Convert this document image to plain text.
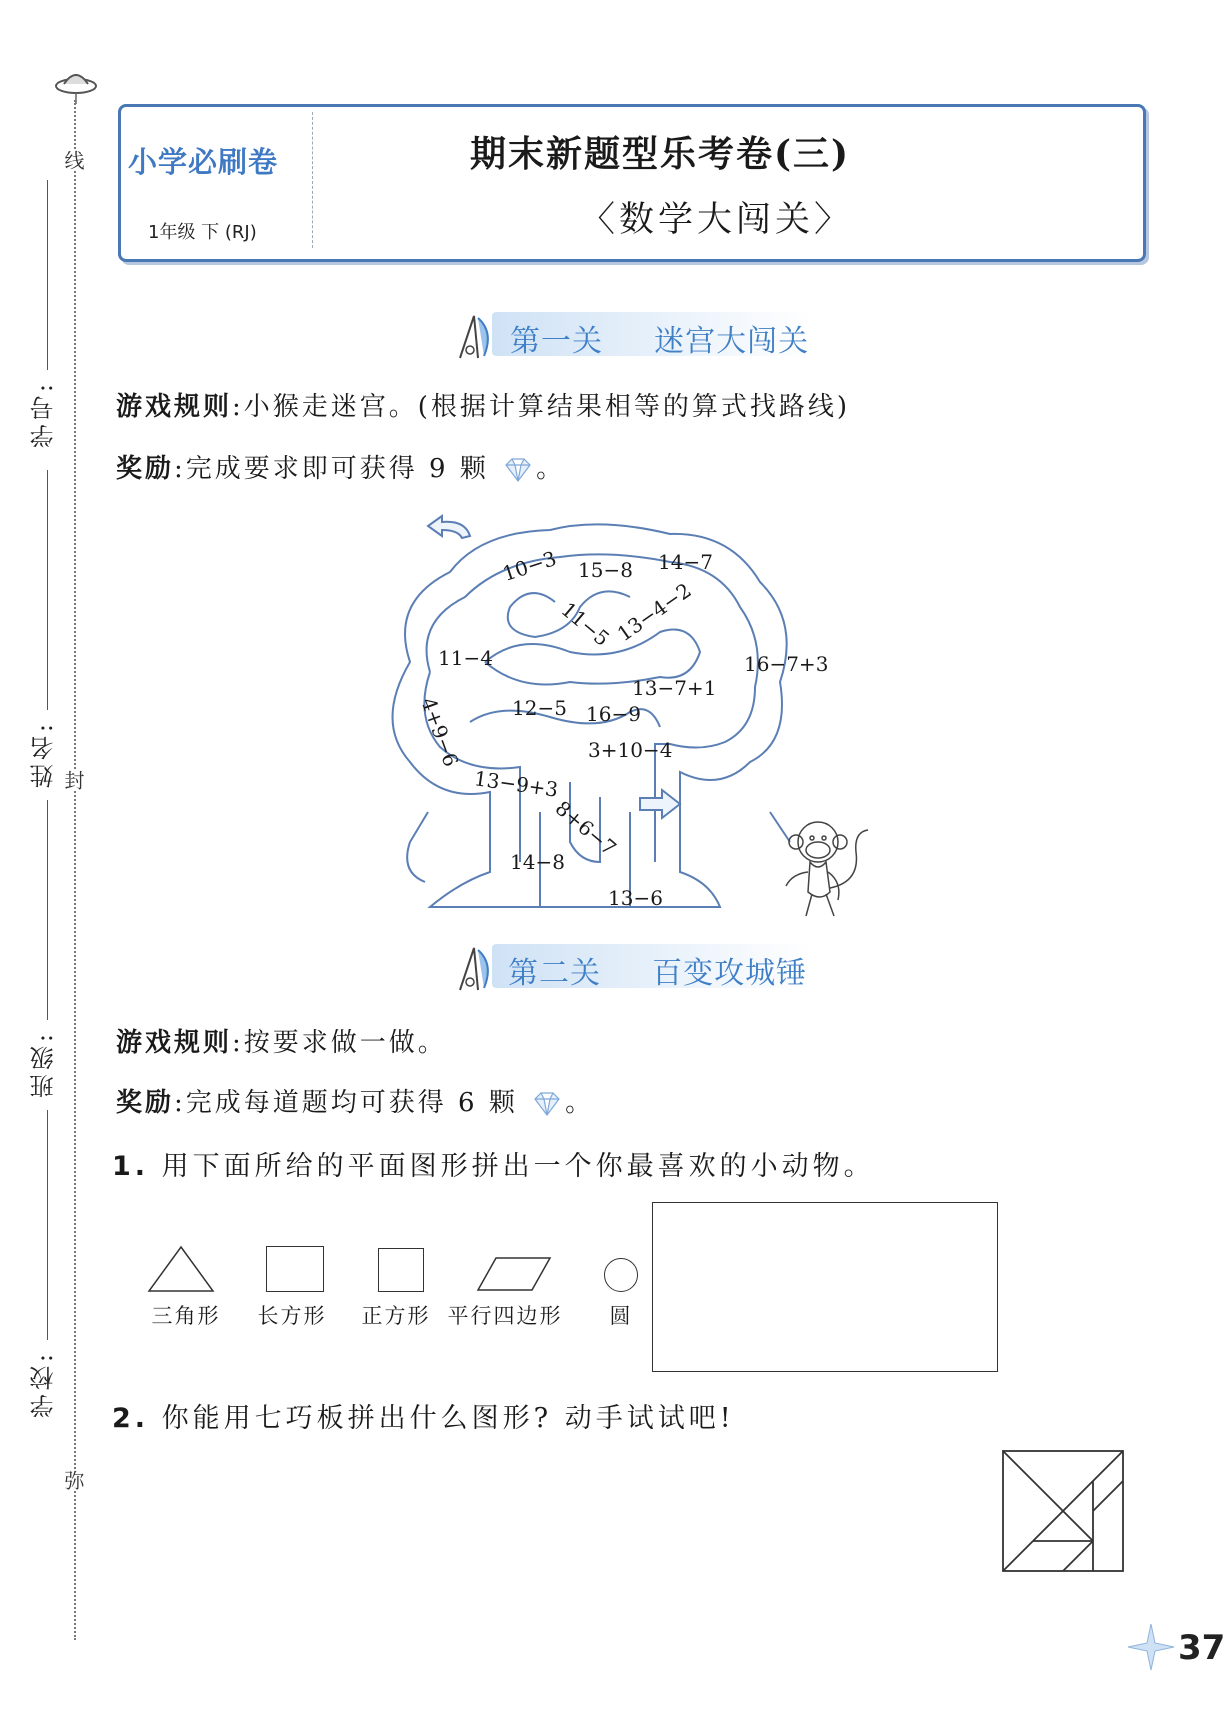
线
封
弥
学号:
姓名:
班级:
学校:
小学必刷卷
1年级 下 (RJ)
期末新题型乐考卷(三)
〈数学大闯关〉
第一关 迷宫大闯关
游戏规则:小猴走迷宫。(根据计算结果相等的算式找路线)
奖励:完成要求即可获得 9 颗 。
10−3 15−8 14−7
11−5
13−4−2
11−4	16−7+3
4+9−6 12−5
13−7+1
16−9
3+10−4
13−9+3
8+6−7
14−8
13−6
第二关 百变攻城锤
游戏规则:按要求做一做。
奖励:完成每道题均可获得 6 颗 。
1. 用下面所给的平面图形拼出一个你最喜欢的小动物。
三角形	长方形	正方形 平行四边形	圆
2. 你能用七巧板拼出什么图形? 动手试试吧!
37
